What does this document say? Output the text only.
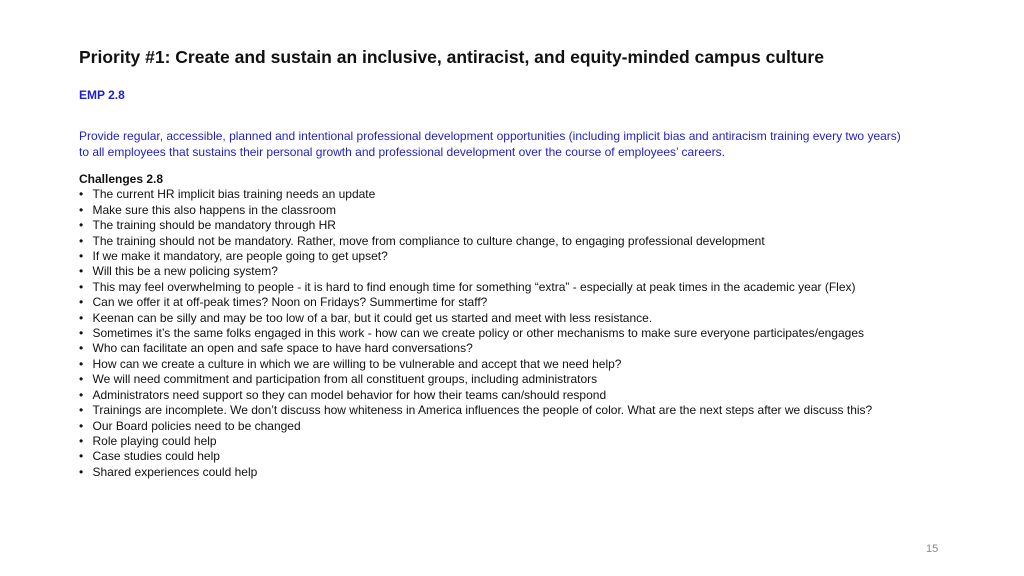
Priority #1: Create and sustain an inclusive, antiracist, and equity-minded campus culture
EMP 2.8
Provide regular, accessible, planned and intentional professional development opportunities (including implicit bias and antiracism training every two years) to all employees that sustains their personal growth and professional development over the course of employees’ careers.
Challenges 2.8
• The current HR implicit bias training needs an update
• Make sure this also happens in the classroom
• The training should be mandatory through HR
• The training should not be mandatory. Rather, move from compliance to culture change, to engaging professional development
• If we make it mandatory, are people going to get upset?
• Will this be a new policing system?
• This may feel overwhelming to people - it is hard to find enough time for something “extra” - especially at peak times in the academic year (Flex)
• Can we offer it at off-peak times? Noon on Fridays? Summertime for staff?
• Keenan can be silly and may be too low of a bar, but it could get us started and meet with less resistance.
• Sometimes it’s the same folks engaged in this work - how can we create policy or other mechanisms to make sure everyone participates/engages
• Who can facilitate an open and safe space to have hard conversations?
• How can we create a culture in which we are willing to be vulnerable and accept that we need help?
• We will need commitment and participation from all constituent groups, including administrators
• Administrators need support so they can model behavior for how their teams can/should respond
• Trainings are incomplete. We don’t discuss how whiteness in America influences the people of color. What are the next steps after we discuss this?
• Our Board policies need to be changed
• Role playing could help
• Case studies could help
• Shared experiences could help
15
